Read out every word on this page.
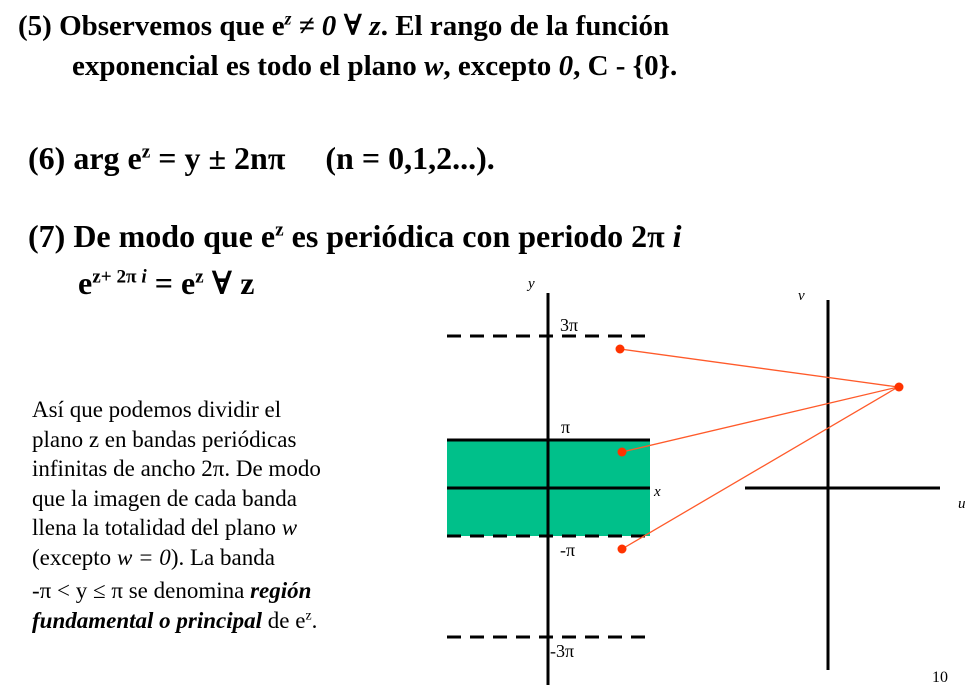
(5) Observemos que $e^z \ne 0$ ∀ z. El rango de la función
exponencial es todo el plano w, excepto 0, C - {0}.
(6) arg $e^z = y \pm 2n\pi$     (n = 0,1,2...).
(7) De modo que $e^z$ es periódica con periodo 2π i
$e^{z+ 2\pi i} = e^z$ ∀ z
Así que podemos dividir el
plano z en bandas periódicas
infinitas de ancho 2π. De modo
que la imagen de cada banda
llena la totalidad del plano w
(excepto w = 0). La banda
-π < y ≤ π se denomina región
fundamental o principal de $e^z$.
y
x
v
u
3π
π
-π
-3π
10
